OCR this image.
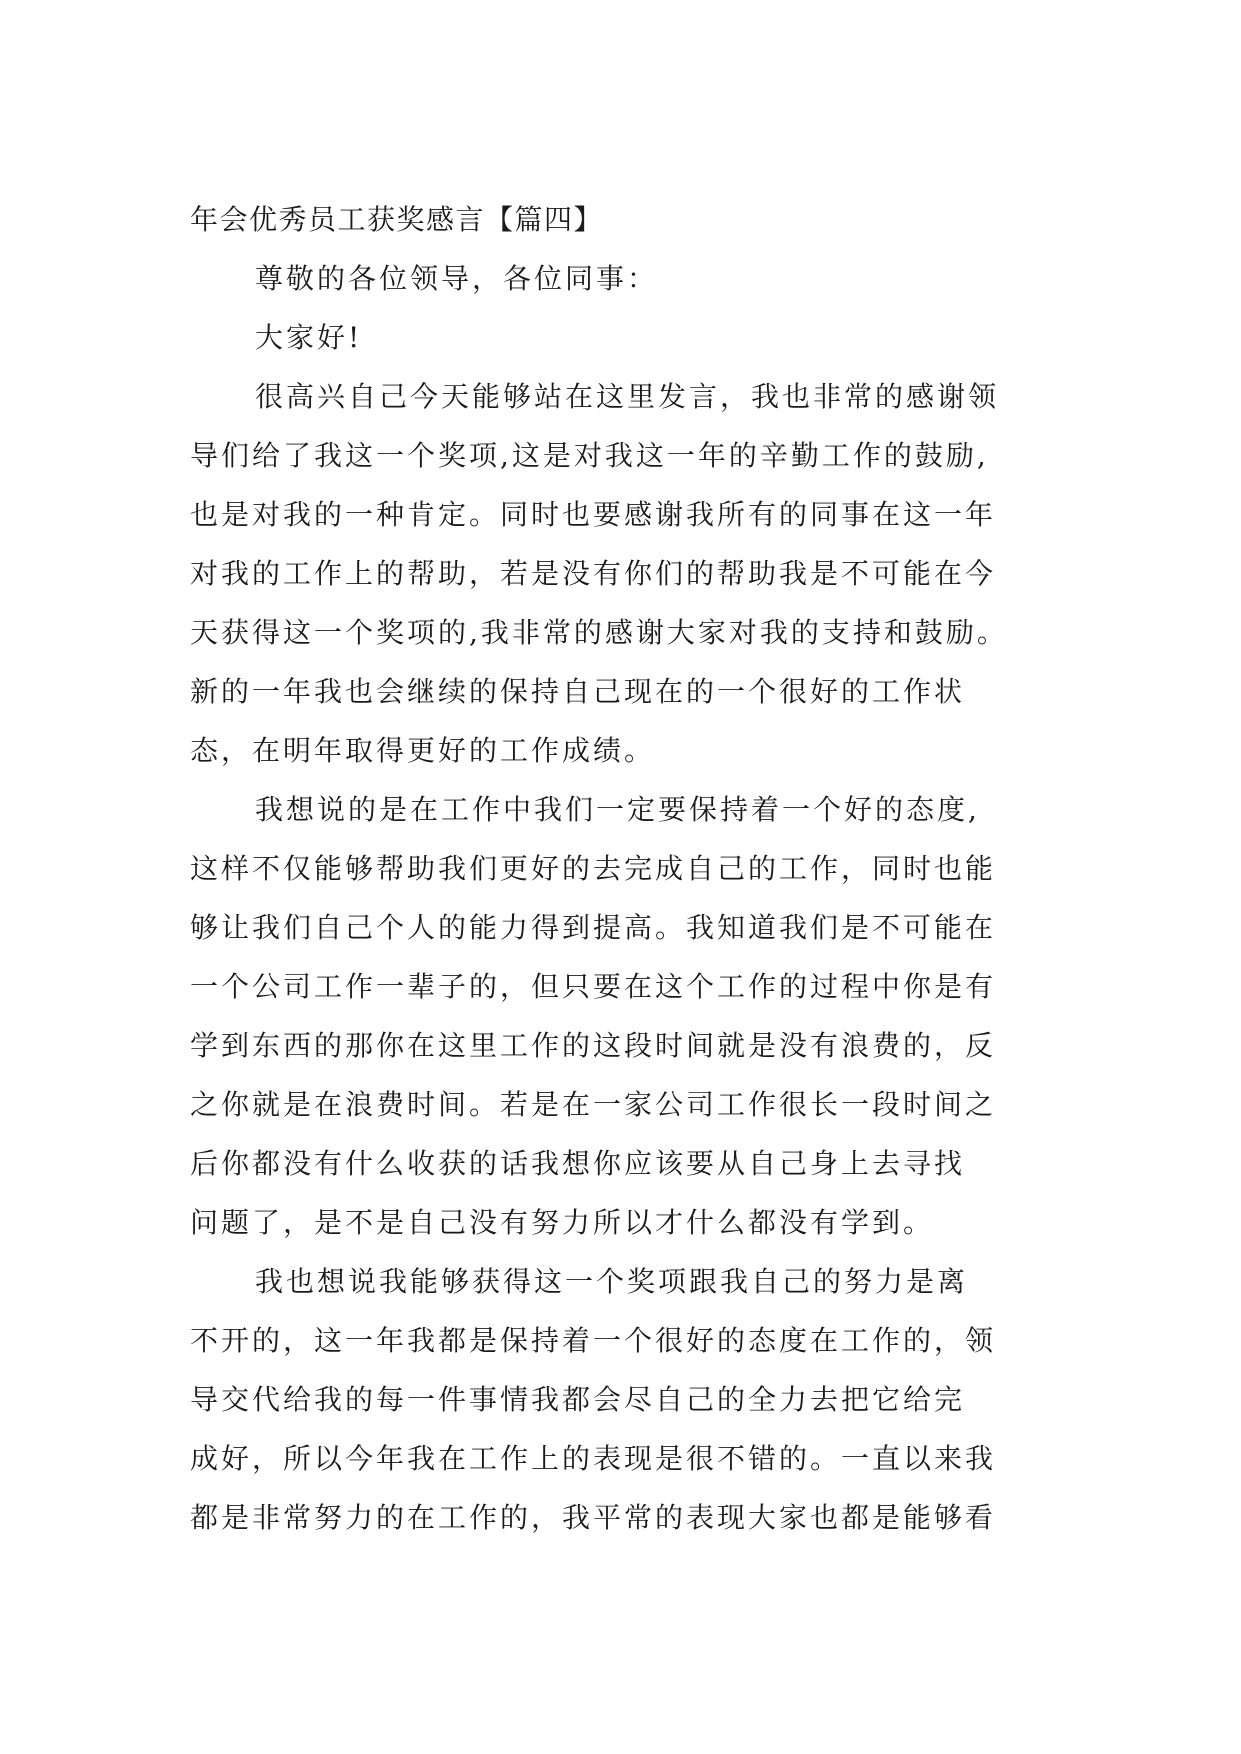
年会优秀员工获奖感言【篇四】
尊敬的各位领导，各位同事：
大家好!
很高兴自己今天能够站在这里发言，我也非常的感谢领
导们给了我这一个奖项,这是对我这一年的辛勤工作的鼓励,
也是对我的一种肯定。同时也要感谢我所有的同事在这一年
对我的工作上的帮助，若是没有你们的帮助我是不可能在今
天获得这一个奖项的,我非常的感谢大家对我的支持和鼓励。
新的一年我也会继续的保持自己现在的一个很好的工作状
态，在明年取得更好的工作成绩。
我想说的是在工作中我们一定要保持着一个好的态度,
这样不仅能够帮助我们更好的去完成自己的工作，同时也能
够让我们自己个人的能力得到提高。我知道我们是不可能在
一个公司工作一辈子的，但只要在这个工作的过程中你是有
学到东西的那你在这里工作的这段时间就是没有浪费的，反
之你就是在浪费时间。若是在一家公司工作很长一段时间之
后你都没有什么收获的话我想你应该要从自己身上去寻找
问题了，是不是自己没有努力所以才什么都没有学到。
我也想说我能够获得这一个奖项跟我自己的努力是离
不开的，这一年我都是保持着一个很好的态度在工作的，领
导交代给我的每一件事情我都会尽自己的全力去把它给完
成好，所以今年我在工作上的表现是很不错的。一直以来我
都是非常努力的在工作的，我平常的表现大家也都是能够看
